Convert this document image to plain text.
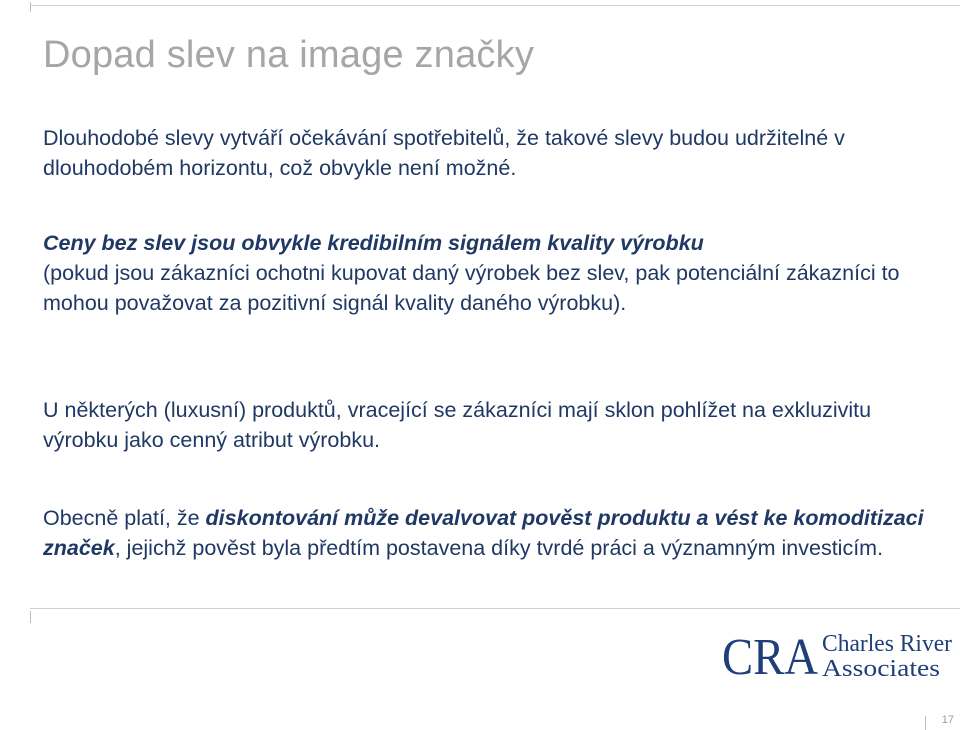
Dopad slev na image značky

Dlouhodobé slevy vytváří očekávání spotřebitelů, že takové slevy budou udržitelné v dlouhodobém horizontu, což obvykle není možné.

Ceny bez slev jsou obvykle kredibilním signálem kvality výrobku
(pokud jsou zákazníci ochotni kupovat daný výrobek bez slev, pak potenciální zákazníci to mohou považovat za pozitivní signál kvality daného výrobku).

U některých (luxusní) produktů, vracející se zákazníci mají sklon pohlížet na exkluzivitu výrobku jako cenný atribut výrobku.

Obecně platí, že diskontování může devalvovat pověst produktu a vést ke komoditizaci značek, jejichž pověst byla předtím postavena díky tvrdé práci a významným investicím.

CRA Charles River
Associates
17
